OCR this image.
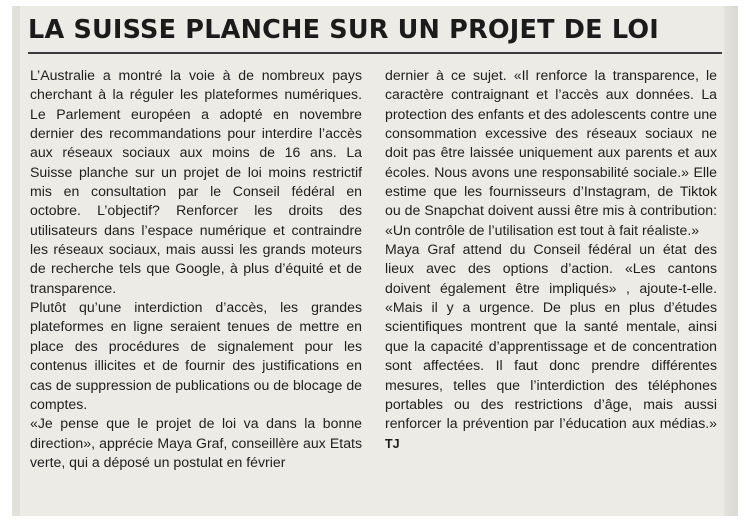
LA SUISSE PLANCHE SUR UN PROJET DE LOI

L’Australie a montré la voie à de nombreux pays cherchant à la réguler les plateformes numériques. Le Parlement européen a adopté en novembre dernier des recommandations pour interdire l’accès aux réseaux sociaux aux moins de 16 ans. La Suisse planche sur un projet de loi moins restrictif mis en consultation par le Conseil fédéral en octobre. L’objectif? Renforcer les droits des utilisateurs dans l’espace numérique et contraindre les réseaux sociaux, mais aussi les grands moteurs de recherche tels que Google, à plus d’équité et de transparence.

Plutôt qu’une interdiction d’accès, les grandes plateformes en ligne seraient tenues de mettre en place des procédures de signalement pour les contenus illicites et de fournir des justifications en cas de suppression de publications ou de blocage de comptes.

«Je pense que le projet de loi va dans la bonne direction», apprécie Maya Graf, conseillère aux Etats verte, qui a déposé un postulat en février

dernier à ce sujet. «Il renforce la transparence, le caractère contraignant et l’accès aux données. La protection des enfants et des adolescents contre une consommation excessive des réseaux sociaux ne doit pas être laissée uniquement aux parents et aux écoles. Nous avons une responsabilité sociale.» Elle estime que les fournisseurs d’Instagram, de Tiktok ou de Snapchat doivent aussi être mis à contribution: «Un contrôle de l’utilisation est tout à fait réaliste.»

Maya Graf attend du Conseil fédéral un état des lieux avec des options d’action. «Les cantons doivent également être impliqués» , ajoute-t-elle. «Mais il y a urgence. De plus en plus d’études scientifiques montrent que la santé mentale, ainsi que la capacité d’apprentissage et de concentration sont affectées. Il faut donc prendre différentes mesures, telles que l’interdiction des téléphones portables ou des restrictions d’âge, mais aussi renforcer la prévention par l’éducation aux médias.» TJ
